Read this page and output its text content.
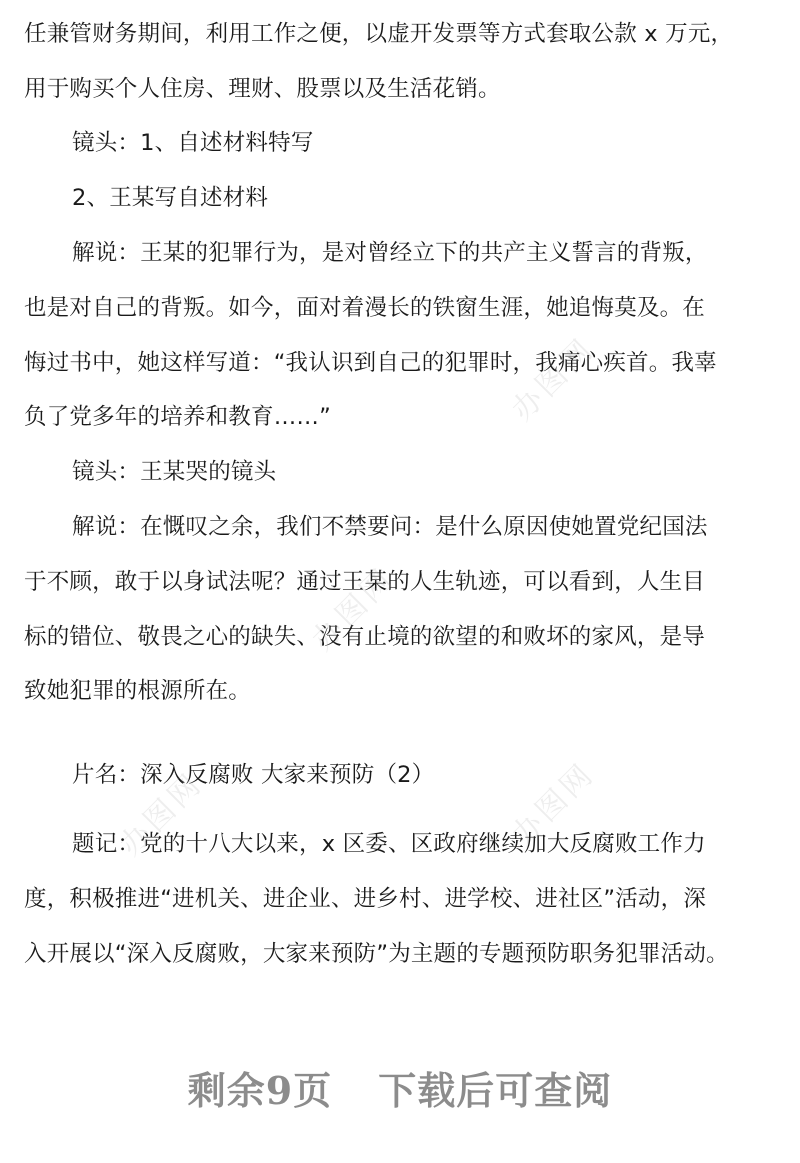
任兼管财务期间，利用工作之便，以虚开发票等方式套取公款 x 万元，
用于购买个人住房、理财、股票以及生活花销。
镜头：1、自述材料特写
2、王某写自述材料
解说：王某的犯罪行为，是对曾经立下的共产主义誓言的背叛，
也是对自己的背叛。如今，面对着漫长的铁窗生涯，她追悔莫及。在
悔过书中，她这样写道：“我认识到自己的犯罪时，我痛心疾首。我辜
负了党多年的培养和教育……”
镜头：王某哭的镜头
解说：在慨叹之余，我们不禁要问：是什么原因使她置党纪国法
于不顾，敢于以身试法呢？通过王某的人生轨迹，可以看到，人生目
标的错位、敬畏之心的缺失、没有止境的欲望的和败坏的家风，是导
致她犯罪的根源所在。
片名：深入反腐败 大家来预防（2）
题记：党的十八大以来，x 区委、区政府继续加大反腐败工作力
度，积极推进“进机关、进企业、进乡村、进学校、进社区”活动，深
入开展以“深入反腐败，大家来预防”为主题的专题预防职务犯罪活动。
办图网
办图网
办图网
办图网
剩余9页 下载后可查阅
